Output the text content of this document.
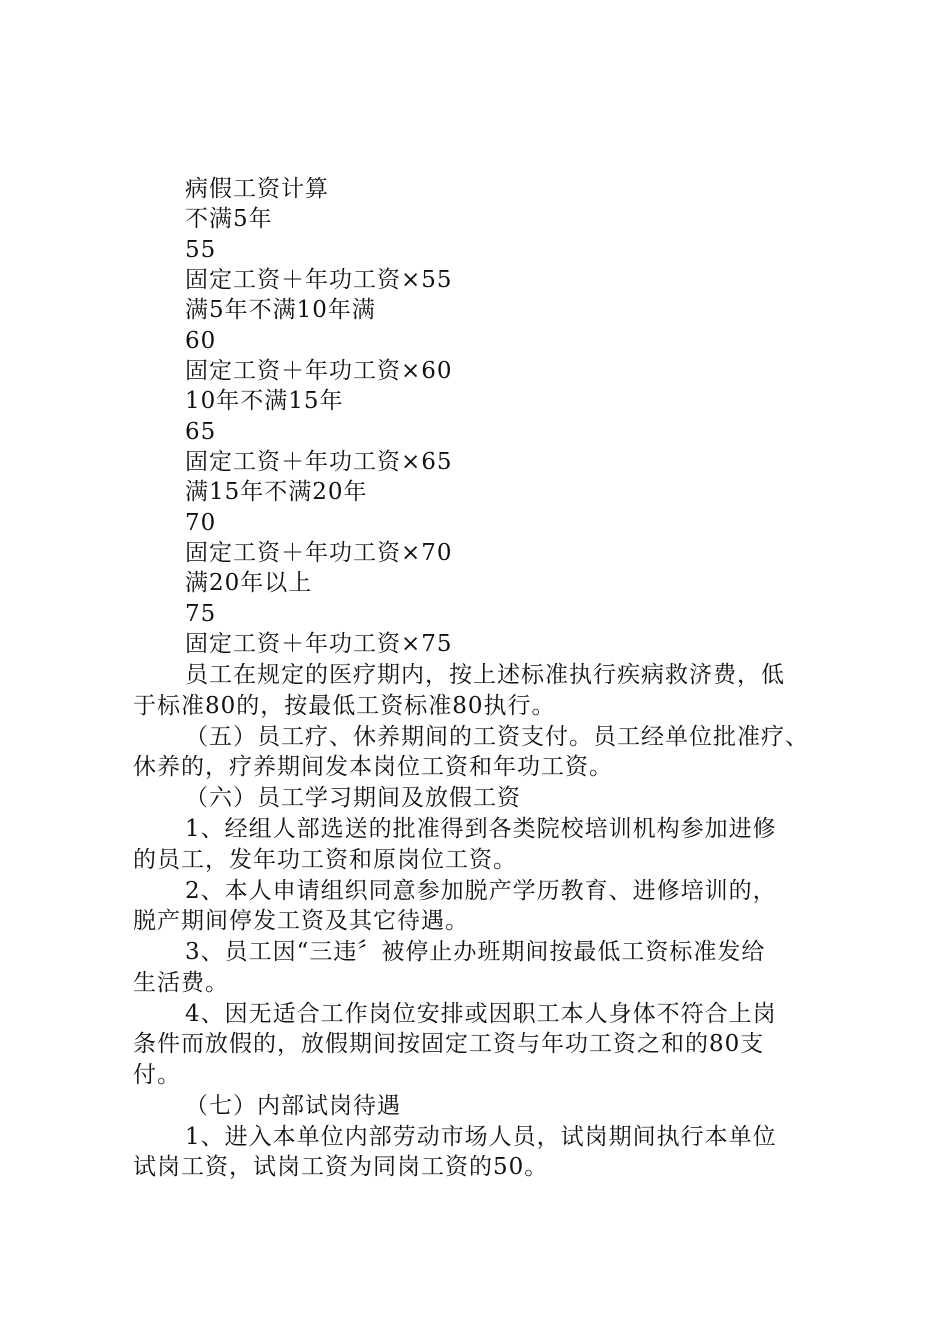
病假工资计算
不满5年
55
固定工资＋年功工资×55
满5年不满10年满
60
固定工资＋年功工资×60
10年不满15年
65
固定工资＋年功工资×65
满15年不满20年
70
固定工资＋年功工资×70
满20年以上
75
固定工资＋年功工资×75
员工在规定的医疗期内，按上述标准执行疾病救济费，低
于标准80的，按最低工资标准80执行。
（五）员工疗、休养期间的工资支付。员工经单位批准疗、
休养的，疗养期间发本岗位工资和年功工资。
（六）员工学习期间及放假工资
1、经组人部选送的批准得到各类院校培训机构参加进修
的员工，发年功工资和原岗位工资。
2、本人申请组织同意参加脱产学历教育、进修培训的，
脱产期间停发工资及其它待遇。
3、员工因“三违〞被停止办班期间按最低工资标准发给
生活费。
4、因无适合工作岗位安排或因职工本人身体不符合上岗
条件而放假的，放假期间按固定工资与年功工资之和的80支
付。
（七）内部试岗待遇
1、进入本单位内部劳动市场人员，试岗期间执行本单位
试岗工资，试岗工资为同岗工资的50。
